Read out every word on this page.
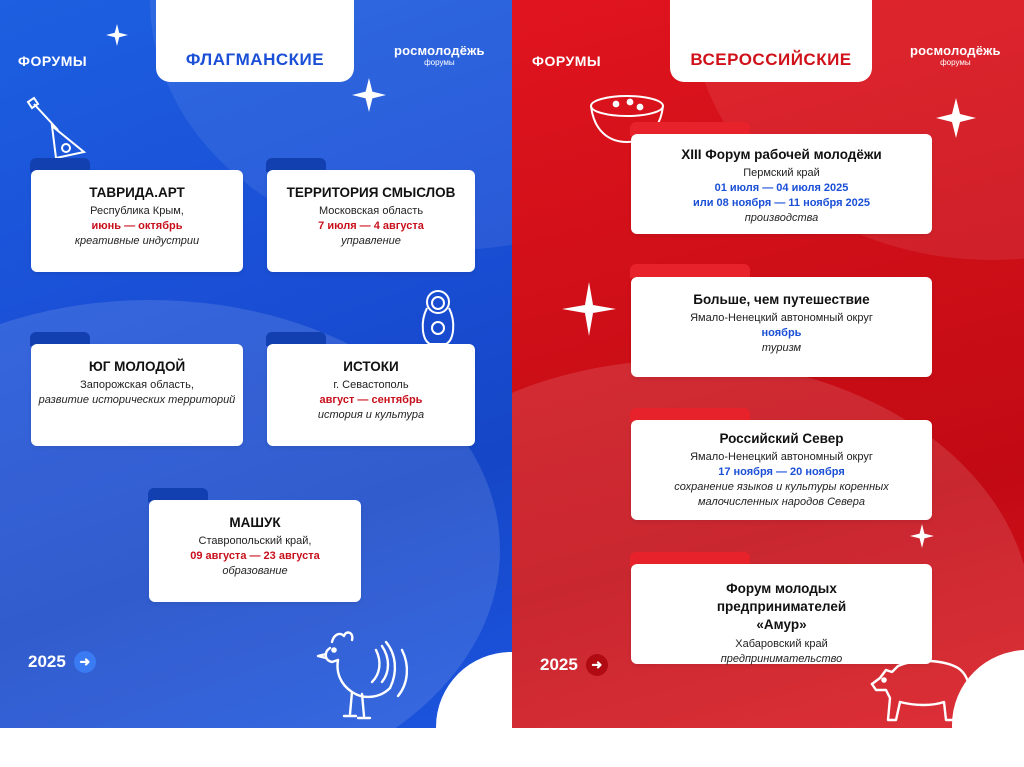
ФОРУМЫ	ФЛАГМАНСКИЕ	росмолодёжь
форумы
ТАВРИДА.АРТ
Республика Крым,
июнь — октябрь
креативные индустрии
ТЕРРИТОРИЯ СМЫСЛОВ
Московская область
7 июля — 4 августа
управление
ЮГ МОЛОДОЙ
Запорожская область,
развитие исторических территорий
ИСТОКИ
г. Севастополь
август — сентябрь
история и культура
МАШУК
Ставропольский край,
09 августа — 23 августа
образование
2025	➜
ФОРУМЫ	ВСЕРОССИЙСКИЕ	росмолодёжь
форумы
XIII Форум рабочей молодёжи
Пермский край
01 июля — 04 июля 2025
или 08 ноября — 11 ноября 2025
производства
Больше, чем путешествие
Ямало-Ненецкий автономный округ
ноябрь
туризм
Российский Север
Ямало-Ненецкий автономный округ
17 ноября — 20 ноября
сохранение языков и культуры коренных малочисленных народов Севера
Форум молодых предпринимателей «Амур»
Хабаровский край
предпринимательство
2025	➜
